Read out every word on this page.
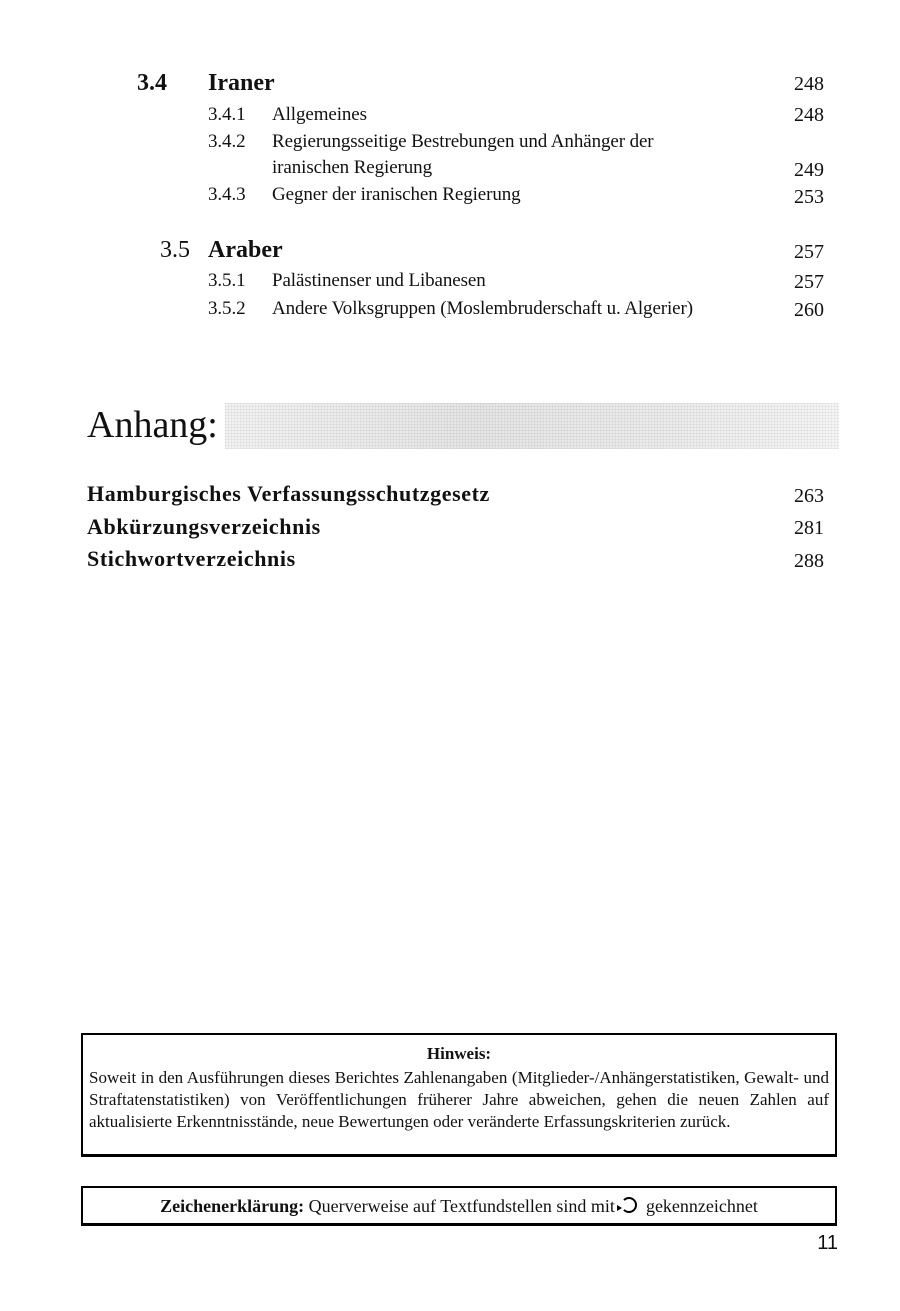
3.4 Iraner	248
3.4.1 Allgemeines	248
3.4.2 Regierungsseitige Bestrebungen und Anhänger der
iranischen Regierung	249
3.4.3 Gegner der iranischen Regierung	253
3.5 Araber	257
3.5.1 Palästinenser und Libanesen	257
3.5.2 Andere Volksgruppen (Moslembruderschaft u. Algerier)	260
Anhang:
Hamburgisches Verfassungsschutzgesetz	263
Abkürzungsverzeichnis	281
Stichwortverzeichnis	288
Hinweis:
Soweit in den Ausführungen dieses Berichtes Zahlenangaben (Mitglieder-/Anhängerstatistiken, Gewalt- und Straftatenstatistiken) von Veröffentlichungen früherer Jahre abweichen, gehen die neuen Zahlen auf aktualisierte Erkenntnisstände, neue Bewertungen oder veränderte Erfassungskriterien zurück.
Zeichenerklärung: Querverweise auf Textfundstellen sind mit gekennzeichnet
11
